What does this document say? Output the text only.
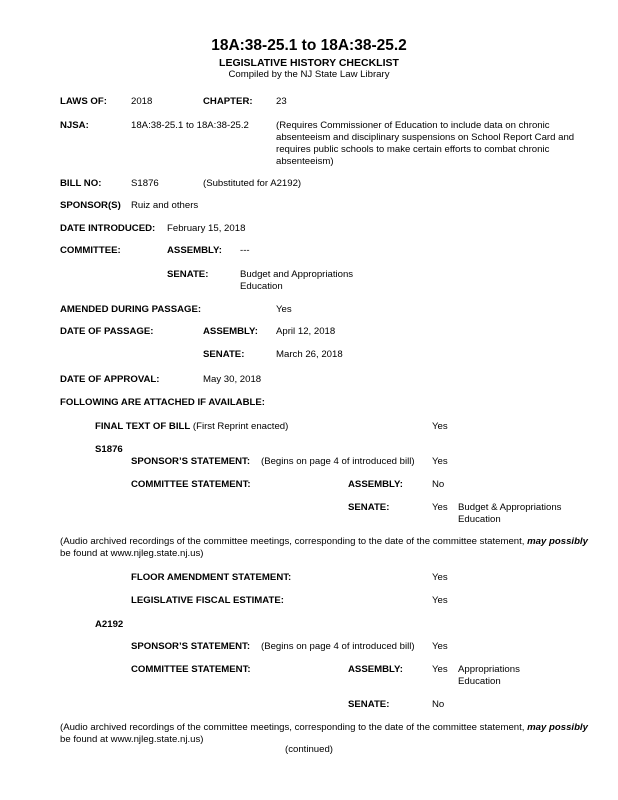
18A:38-25.1 to 18A:38-25.2
LEGISLATIVE HISTORY CHECKLIST
Compiled by the NJ State Law Library
LAWS OF:	2018	CHAPTER: 23
NJSA:	18A:38-25.1 to 18A:38-25.2	(Requires Commissioner of Education to include data on chronic absenteeism and disciplinary suspensions on School Report Card and requires public schools to make certain efforts to combat chronic absenteeism)
BILL NO:	S1876	(Substituted for A2192)
SPONSOR(S) Ruiz and others
DATE INTRODUCED: February 15, 2018
COMMITTEE:	ASSEMBLY: ---
SENATE:	Budget and Appropriations
Education
AMENDED DURING PASSAGE:	Yes
DATE OF PASSAGE:	ASSEMBLY: April 12, 2018
SENATE:	March 26, 2018
DATE OF APPROVAL:	May 30, 2018
FOLLOWING ARE ATTACHED IF AVAILABLE:
FINAL TEXT OF BILL (First Reprint enacted)	Yes
S1876
SPONSOR’S STATEMENT: (Begins on page 4 of introduced bill) Yes
COMMITTEE STATEMENT:	ASSEMBLY:	No
SENATE:	Yes Budget & Appropriations
Education
(Audio archived recordings of the committee meetings, corresponding to the date of the committee statement, may possibly be found at www.njleg.state.nj.us)
FLOOR AMENDMENT STATEMENT:	Yes
LEGISLATIVE FISCAL ESTIMATE:	Yes
A2192
SPONSOR’S STATEMENT: (Begins on page 4 of introduced bill) Yes
COMMITTEE STATEMENT:	ASSEMBLY:	Yes Appropriations
Education
SENATE:	No
(Audio archived recordings of the committee meetings, corresponding to the date of the committee statement, may possibly be found at www.njleg.state.nj.us)
(continued)
